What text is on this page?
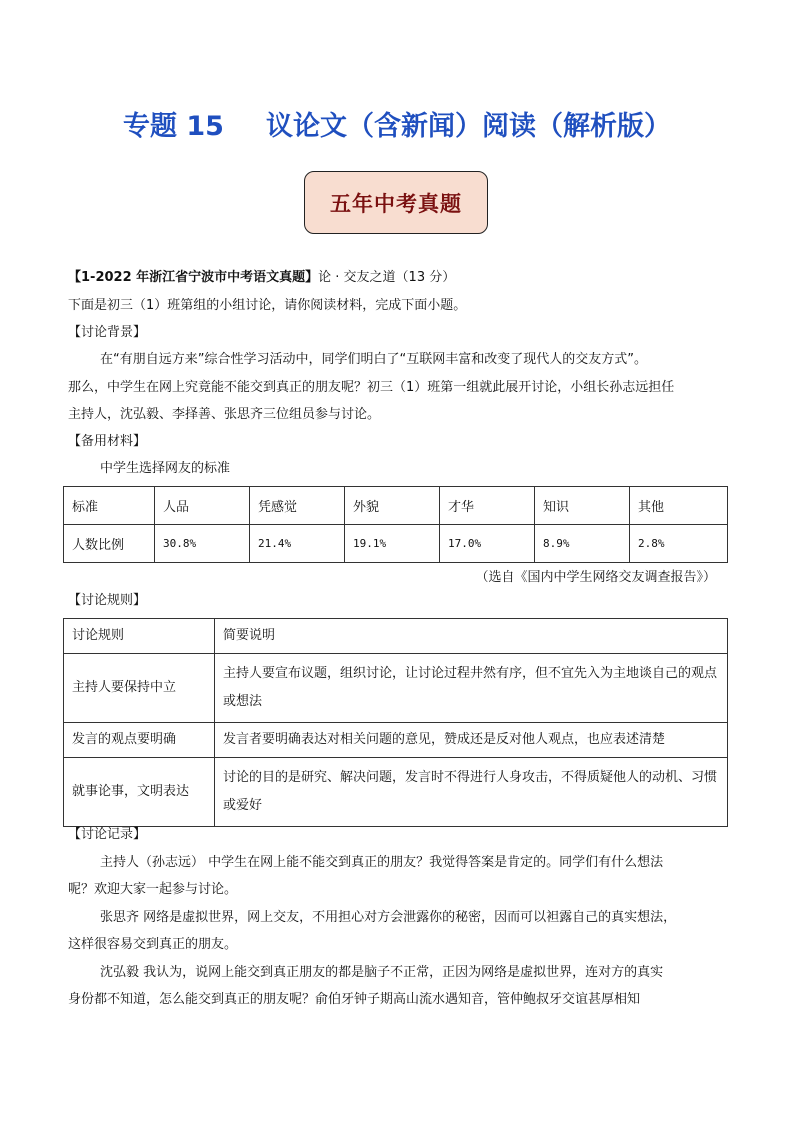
专题 15 议论文（含新闻）阅读（解析版）
五年中考真题
【1-2022 年浙江省宁波市中考语文真题】论 · 交友之道（13 分）
下面是初三（1）班第组的小组讨论，请你阅读材料，完成下面小题。
【讨论背景】
在“有朋自远方来”综合性学习活动中，同学们明白了“互联网丰富和改变了现代人的交友方式”。
那么，中学生在网上究竟能不能交到真正的朋友呢？初三（1）班第一组就此展开讨论，小组长孙志远担任
主持人，沈弘毅、李择善、张思齐三位组员参与讨论。
【备用材料】
中学生选择网友的标准
标准	人品	凭感觉	外貌	才华	知识	其他
人数比例	30.8%	21.4%	19.1%	17.0%	8.9%	2.8%
（选自《国内中学生网络交友调查报告》）
【讨论规则】
讨论规则	简要说明
主持人要保持中立	主持人要宣布议题，组织讨论，让讨论过程井然有序，但不宜先入为主地谈自己的观点或想法
发言的观点要明确	发言者要明确表达对相关问题的意见，赞成还是反对他人观点，也应表述清楚
就事论事，文明表达	讨论的目的是研究、解决问题，发言时不得进行人身攻击，不得质疑他人的动机、习惯或爱好
【讨论记录】
主持人（孙志远） 中学生在网上能不能交到真正的朋友？我觉得答案是肯定的。同学们有什么想法
呢？欢迎大家一起参与讨论。
张思齐 网络是虚拟世界，网上交友，不用担心对方会泄露你的秘密，因而可以袒露自己的真实想法，
这样很容易交到真正的朋友。
沈弘毅 我认为，说网上能交到真正朋友的都是脑子不正常，正因为网络是虚拟世界，连对方的真实
身份都不知道，怎么能交到真正的朋友呢？俞伯牙钟子期高山流水遇知音，管仲鲍叔牙交谊甚厚相知
